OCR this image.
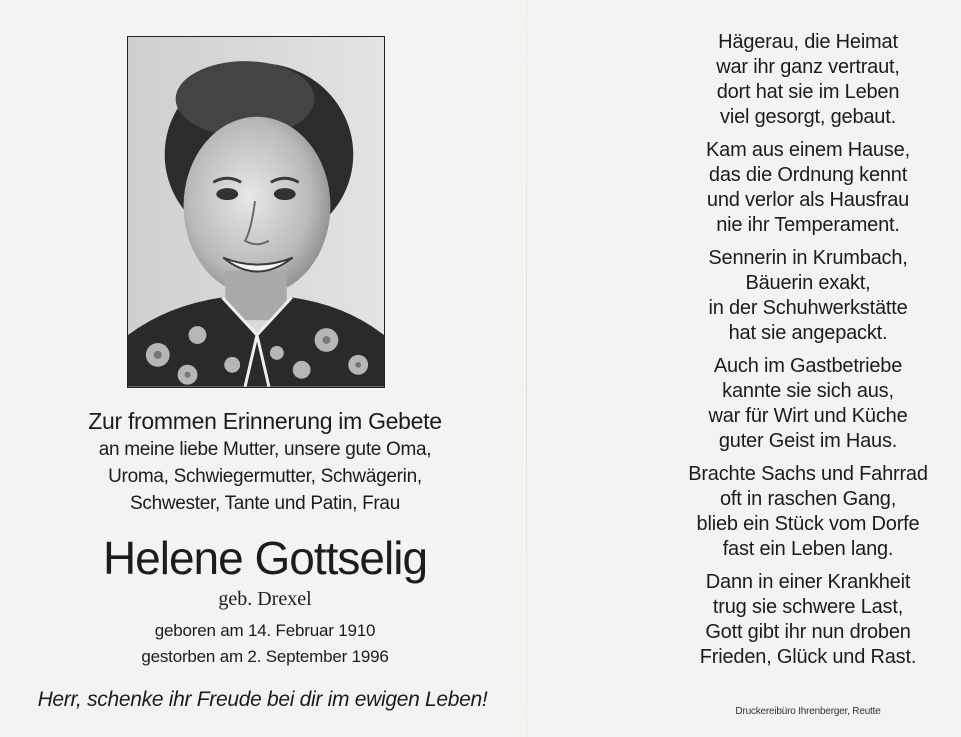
Zur frommen Erinnerung im Gebete
an meine liebe Mutter, unsere gute Oma,
Uroma, Schwiegermutter, Schwägerin,
Schwester, Tante und Patin, Frau
Helene Gottselig
geb. Drexel
geboren am 14. Februar 1910
gestorben am 2. September 1996
Herr, schenke ihr Freude bei dir im ewigen Leben!
Hägerau, die Heimat
war ihr ganz vertraut,
dort hat sie im Leben
viel gesorgt, gebaut.
Kam aus einem Hause,
das die Ordnung kennt
und verlor als Hausfrau
nie ihr Temperament.
Sennerin in Krumbach,
Bäuerin exakt,
in der Schuhwerkstätte
hat sie angepackt.
Auch im Gastbetriebe
kannte sie sich aus,
war für Wirt und Küche
guter Geist im Haus.
Brachte Sachs und Fahrrad
oft in raschen Gang,
blieb ein Stück vom Dorfe
fast ein Leben lang.
Dann in einer Krankheit
trug sie schwere Last,
Gott gibt ihr nun droben
Frieden, Glück und Rast.
Druckereibüro Ihrenberger, Reutte
